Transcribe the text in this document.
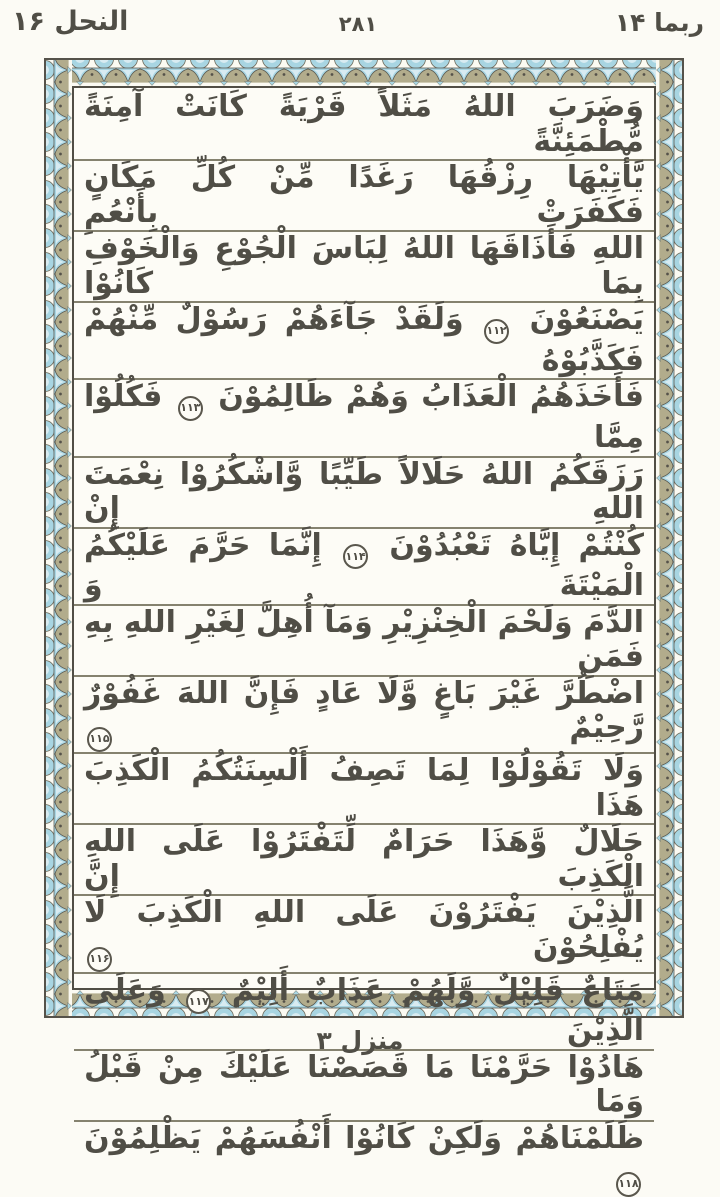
النحل ۱۶	۲۸۱	ربما ۱۴
وَضَرَبَ اللهُ مَثَلاً قَرْيَةً كَانَتْ آمِنَةً مُّطْمَئِنَّةً
يَّأْتِيْهَا رِزْقُهَا رَغَدًا مِّنْ كُلِّ مَكَانٍ فَكَفَرَتْ بِأَنْعُمِ
اللهِ فَأَذَاقَهَا اللهُ لِبَاسَ الْجُوْعِ وَالْخَوْفِ بِمَا كَانُوْا
يَصْنَعُوْنَ ۱۱۲ وَلَقَدْ جَآءَهُمْ رَسُوْلٌ مِّنْهُمْ فَكَذَّبُوْهُ
فَأَخَذَهُمُ الْعَذَابُ وَهُمْ ظَالِمُوْنَ ۱۱۳ فَكُلُوْا مِمَّا
رَزَقَكُمُ اللهُ حَلَالاً طَيِّبًا وَّاشْكُرُوْا نِعْمَتَ اللهِ إِنْ
كُنْتُمْ إِيَّاهُ تَعْبُدُوْنَ ۱۱۴ إِنَّمَا حَرَّمَ عَلَيْكُمُ الْمَيْتَةَ وَ
الدَّمَ وَلَحْمَ الْخِنْزِيْرِ وَمَآ أُهِلَّ لِغَيْرِ اللهِ بِهِ فَمَنِ
اضْطُرَّ غَيْرَ بَاغٍ وَّلَا عَادٍ فَإِنَّ اللهَ غَفُوْرٌ رَّحِيْمٌ ۱۱۵
وَلَا تَقُوْلُوْا لِمَا تَصِفُ أَلْسِنَتُكُمُ الْكَذِبَ هَذَا
حَلَالٌ وَّهَذَا حَرَامٌ لِّتَفْتَرُوْا عَلَى اللهِ الْكَذِبَ إِنَّ
الَّذِيْنَ يَفْتَرُوْنَ عَلَى اللهِ الْكَذِبَ لَا يُفْلِحُوْنَ ۱۱۶
مَتَاعٌ قَلِيْلٌ وَّلَهُمْ عَذَابٌ أَلِيْمٌ ۱۱۷ وَعَلَى الَّذِيْنَ
هَادُوْا حَرَّمْنَا مَا قَصَصْنَا عَلَيْكَ مِنْ قَبْلُ وَمَا
ظَلَمْنَاهُمْ وَلَكِنْ كَانُوْا أَنْفُسَهُمْ يَظْلِمُوْنَ ۱۱۸
منزل ۳
